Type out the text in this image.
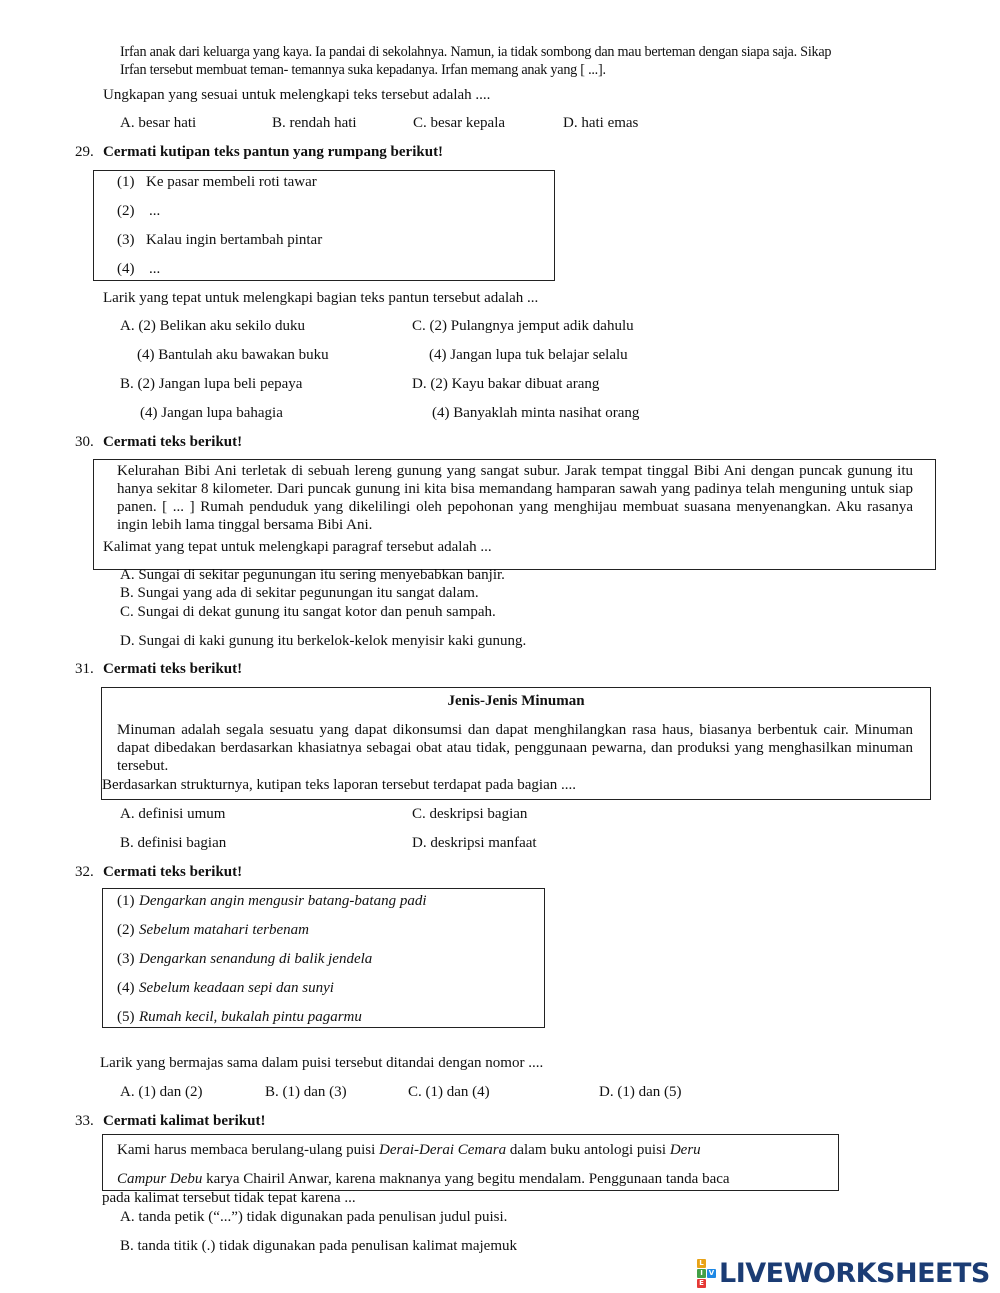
Irfan anak dari keluarga yang kaya. Ia pandai di sekolahnya. Namun, ia tidak sombong dan mau berteman dengan siapa saja. Sikap
Irfan tersebut membuat teman- temannya suka kepadanya. Irfan memang anak yang [ ...].
Ungkapan yang sesuai untuk melengkapi teks tersebut adalah ....
A. besar hati	B. rendah hati	C. besar kepala	D. hati emas
29. Cermati kutipan teks pantun yang rumpang berikut!
(1) Ke pasar membeli roti tawar
(2) ...
(3) Kalau ingin bertambah pintar
(4) ...
Larik yang tepat untuk melengkapi bagian teks pantun tersebut adalah ...
A. (2) Belikan aku sekilo duku
(4) Bantulah aku bawakan buku
C. (2) Pulangnya jemput adik dahulu
(4) Jangan lupa tuk belajar selalu
B. (2) Jangan lupa beli pepaya
(4) Jangan lupa bahagia
D. (2) Kayu bakar dibuat arang
(4) Banyaklah minta nasihat orang
30. Cermati teks berikut!
Kelurahan Bibi Ani terletak di sebuah lereng gunung yang sangat subur. Jarak tempat tinggal Bibi Ani dengan puncak gunung itu hanya sekitar 8 kilometer. Dari puncak gunung ini kita bisa memandang hamparan sawah yang padinya telah menguning untuk siap panen. [ ... ] Rumah penduduk yang dikelilingi oleh pepohonan yang menghijau membuat suasana menyenangkan. Aku rasanya ingin lebih lama tinggal bersama Bibi Ani.
Kalimat yang tepat untuk melengkapi paragraf tersebut adalah ...
A. Sungai di sekitar pegunungan itu sering menyebabkan banjir.
B. Sungai yang ada di sekitar pegunungan itu sangat dalam.
C. Sungai di dekat gunung itu sangat kotor dan penuh sampah.
D. Sungai di kaki gunung itu berkelok-kelok menyisir kaki gunung.
31. Cermati teks berikut!
Jenis-Jenis Minuman
Minuman adalah segala sesuatu yang dapat dikonsumsi dan dapat menghilangkan rasa haus, biasanya berbentuk cair. Minuman dapat dibedakan berdasarkan khasiatnya sebagai obat atau tidak, penggunaan pewarna, dan produksi yang menghasilkan minuman tersebut.
Berdasarkan strukturnya, kutipan teks laporan tersebut terdapat pada bagian ....
A. definisi umum	C. deskripsi bagian
B. definisi bagian	D. deskripsi manfaat
32. Cermati teks berikut!
(1) Dengarkan angin mengusir batang-batang padi
(2) Sebelum matahari terbenam
(3) Dengarkan senandung di balik jendela
(4) Sebelum keadaan sepi dan sunyi
(5) Rumah kecil, bukalah pintu pagarmu
Larik yang bermajas sama dalam puisi tersebut ditandai dengan nomor ....
A. (1) dan (2)	B. (1) dan (3)	C. (1) dan (4)	D. (1) dan (5)
33. Cermati kalimat berikut!
Kami harus membaca berulang-ulang puisi Derai-Derai Cemara dalam buku antologi puisi Deru
Campur Debu karya Chairil Anwar, karena maknanya yang begitu mendalam. Penggunaan tanda baca
pada kalimat tersebut tidak tepat karena ...
A. tanda petik (“...”) tidak digunakan pada penulisan judul puisi.
B. tanda titik (.) tidak digunakan pada penulisan kalimat majemuk
L
I V
E LIVEWORKSHEETS
